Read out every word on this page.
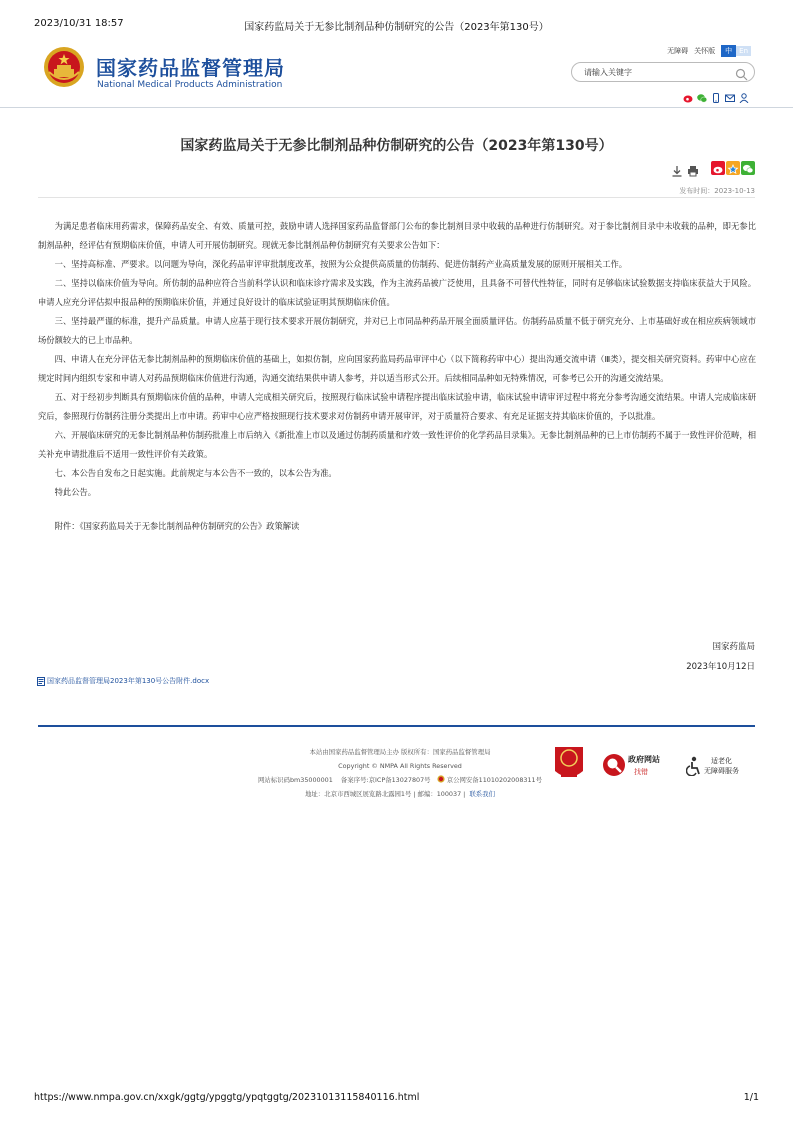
2023/10/31 18:57	国家药监局关于无参比制剂品种仿制研究的公告（2023年第130号）
国家药品监督管理局
National Medical Products Administration
无障碍 关怀版	中	En
请输入关键字
国家药监局关于无参比制剂品种仿制研究的公告（2023年第130号）
发布时间：2023-10-13

为满足患者临床用药需求，保障药品安全、有效、质量可控，鼓励申请人选择国家药品监督部门公布的参比制剂目录中收载的品种进行仿制研究。对于参比制剂目录中未收载的品种，即无参比制剂品种，经评估有预期临床价值，申请人可开展仿制研究。现就无参比制剂品种仿制研究有关要求公告如下：

一、坚持高标准、严要求。以问题为导向，深化药品审评审批制度改革，按照为公众提供高质量的仿制药、促进仿制药产业高质量发展的原则开展相关工作。

二、坚持以临床价值为导向。所仿制的品种应符合当前科学认识和临床诊疗需求及实践，作为主流药品被广泛使用，且具备不可替代性特征，同时有足够临床试验数据支持临床获益大于风险。申请人应充分评估拟申报品种的预期临床价值，并通过良好设计的临床试验证明其预期临床价值。

三、坚持最严谨的标准，提升产品质量。申请人应基于现行技术要求开展仿制研究，并对已上市同品种药品开展全面质量评估。仿制药品质量不低于研究充分、上市基础好或在相应疾病领域市场份额较大的已上市品种。

四、申请人在充分评估无参比制剂品种的预期临床价值的基础上，如拟仿制，应向国家药监局药品审评中心（以下简称药审中心）提出沟通交流申请（Ⅲ类），提交相关研究资料。药审中心应在规定时间内组织专家和申请人对药品预期临床价值进行沟通，沟通交流结果供申请人参考，并以适当形式公开。后续相同品种如无特殊情况，可参考已公开的沟通交流结果。

五、对于经初步判断具有预期临床价值的品种，申请人完成相关研究后，按照现行临床试验申请程序提出临床试验申请，临床试验申请审评过程中将充分参考沟通交流结果。申请人完成临床研究后，参照现行仿制药注册分类提出上市申请。药审中心应严格按照现行技术要求对仿制药申请开展审评，对于质量符合要求、有充足证据支持其临床价值的，予以批准。

六、开展临床研究的无参比制剂品种仿制药批准上市后纳入《新批准上市以及通过仿制药质量和疗效一致性评价的化学药品目录集》。无参比制剂品种的已上市仿制药不属于一致性评价范畴，相关补充申请批准后不适用一致性评价有关政策。

七、本公告自发布之日起实施。此前规定与本公告不一致的，以本公告为准。

特此公告。

附件：《国家药监局关于无参比制剂品种仿制研究的公告》政策解读

国家药监局
2023年10月12日
国家药品监督管理局2023年第130号公告附件.docx
本站由国家药品监督管理局主办 版权所有：国家药品监督管理局
Copyright © NMPA All Rights Reserved
网站标识码bm35000001 备案序号:京ICP备13027807号	京公网安备11010202008311号
地址：北京市西城区展览路北露园1号 | 邮编：100037 | 联系我们
政府网站
找错
适老化
无障碍服务
https://www.nmpa.gov.cn/xxgk/ggtg/ypggtg/ypqtggtg/20231013115840116.html	1/1
